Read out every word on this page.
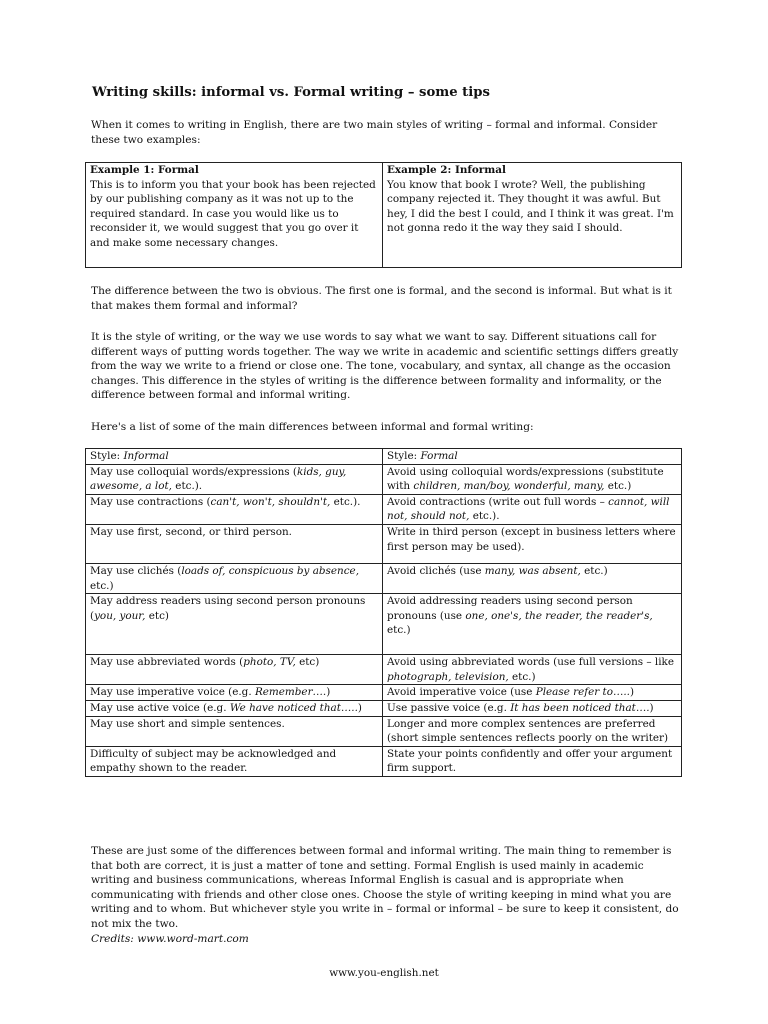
Writing skills: informal vs. Formal writing – some tips

When it comes to writing in English, there are two main styles of writing – formal and informal. Consider these two examples:

Example 1: Formal
This is to inform you that your book has been rejected by our publishing company as it was not up to the required standard. In case you would like us to reconsider it, we would suggest that you go over it and make some necessary changes.

Example 2: Informal
You know that book I wrote? Well, the publishing company rejected it. They thought it was awful. But hey, I did the best I could, and I think it was great. I'm not gonna redo it the way they said I should.

The difference between the two is obvious. The first one is formal, and the second is informal. But what is it that makes them formal and informal?

It is the style of writing, or the way we use words to say what we want to say. Different situations call for different ways of putting words together. The way we write in academic and scientific settings differs greatly from the way we write to a friend or close one. The tone, vocabulary, and syntax, all change as the occasion changes. This difference in the styles of writing is the difference between formality and informality, or the difference between formal and informal writing.

Here's a list of some of the main differences between informal and formal writing:

Style: Informal	Style: Formal
May use colloquial words/expressions (kids, guy, awesome, a lot, etc.).	Avoid using colloquial words/expressions (substitute with children, man/boy, wonderful, many, etc.)
May use contractions (can't, won't, shouldn't, etc.).	Avoid contractions (write out full words – cannot, will not, should not, etc.).
May use first, second, or third person.	Write in third person (except in business letters where first person may be used).
May use clichés (loads of, conspicuous by absence, etc.)	Avoid clichés (use many, was absent, etc.)
May address readers using second person pronouns (you, your, etc)	Avoid addressing readers using second person pronouns (use one, one's, the reader, the reader's, etc.)
May use abbreviated words (photo, TV, etc)	Avoid using abbreviated words (use full versions – like photograph, television, etc.)
May use imperative voice (e.g. Remember….)	Avoid imperative voice (use Please refer to…..)
May use active voice (e.g. We have noticed that…..)	Use passive voice (e.g. It has been noticed that….)
May use short and simple sentences.	Longer and more complex sentences are preferred (short simple sentences reflects poorly on the writer)
Difficulty of subject may be acknowledged and empathy shown to the reader.	State your points confidently and offer your argument firm support.

These are just some of the differences between formal and informal writing. The main thing to remember is that both are correct, it is just a matter of tone and setting. Formal English is used mainly in academic writing and business communications, whereas Informal English is casual and is appropriate when communicating with friends and other close ones. Choose the style of writing keeping in mind what you are writing and to whom. But whichever style you write in – formal or informal – be sure to keep it consistent, do not mix the two.

Credits: www.word-mart.com

www.you-english.net
